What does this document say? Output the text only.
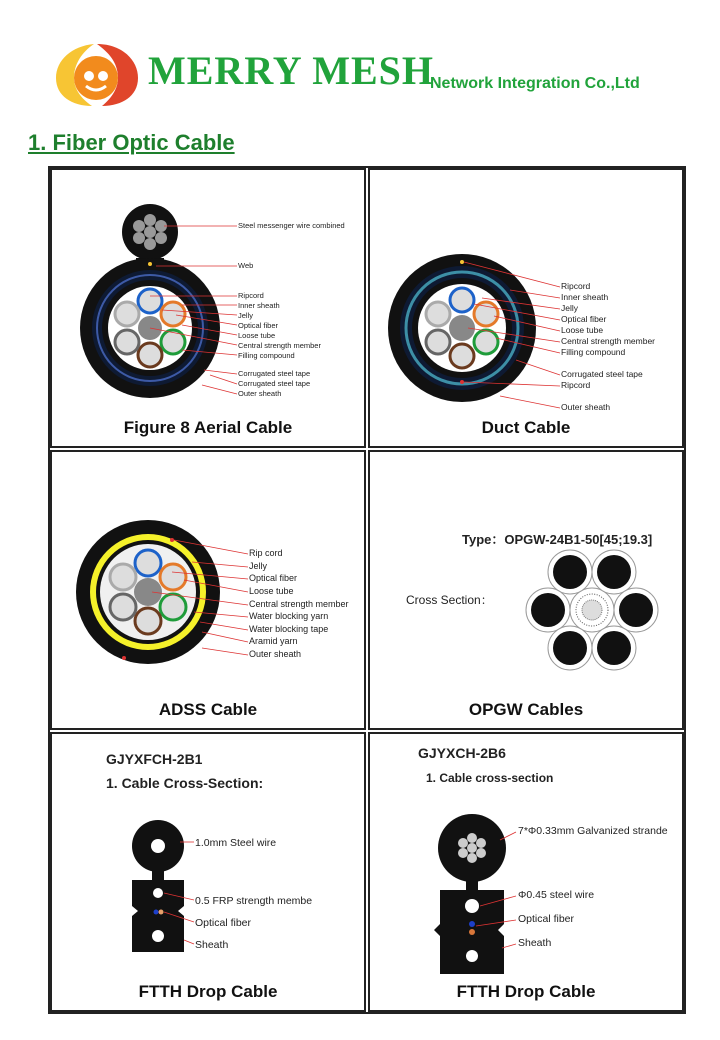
MERRY MESH
Network Integration Co.,Ltd
1. Fiber Optic Cable
Steel messenger wire combined
Web
Ripcord
Inner sheath
Jelly
Optical fiber
Loose tube
Central strength member
Filling compound
Corrugated steel tape
Corrugated steel tape
Outer sheath
Figure 8 Aerial Cable
Ripcord
Inner sheath
Jelly
Optical fiber
Loose tube
Central strength member
Filling compound
Corrugated steel tape
Ripcord
Outer sheath
Duct Cable
Rip cord
Jelly
Optical fiber
Loose tube
Central strength member
Water blocking yarn
Water blocking tape
Aramid yarn
Outer sheath
ADSS Cable
Type：OPGW-24B1-50[45;19.3]
Cross Section：
OPGW Cables
GJYXFCH-2B1
1. Cable Cross-Section:
1.0mm Steel wire
0.5 FRP strength membe
Optical fiber
Sheath
FTTH Drop Cable
GJYXCH-2B6
1. Cable cross-section
7*Φ0.33mm Galvanized strande
Φ0.45 steel wire
Optical fiber
Sheath
FTTH Drop Cable
